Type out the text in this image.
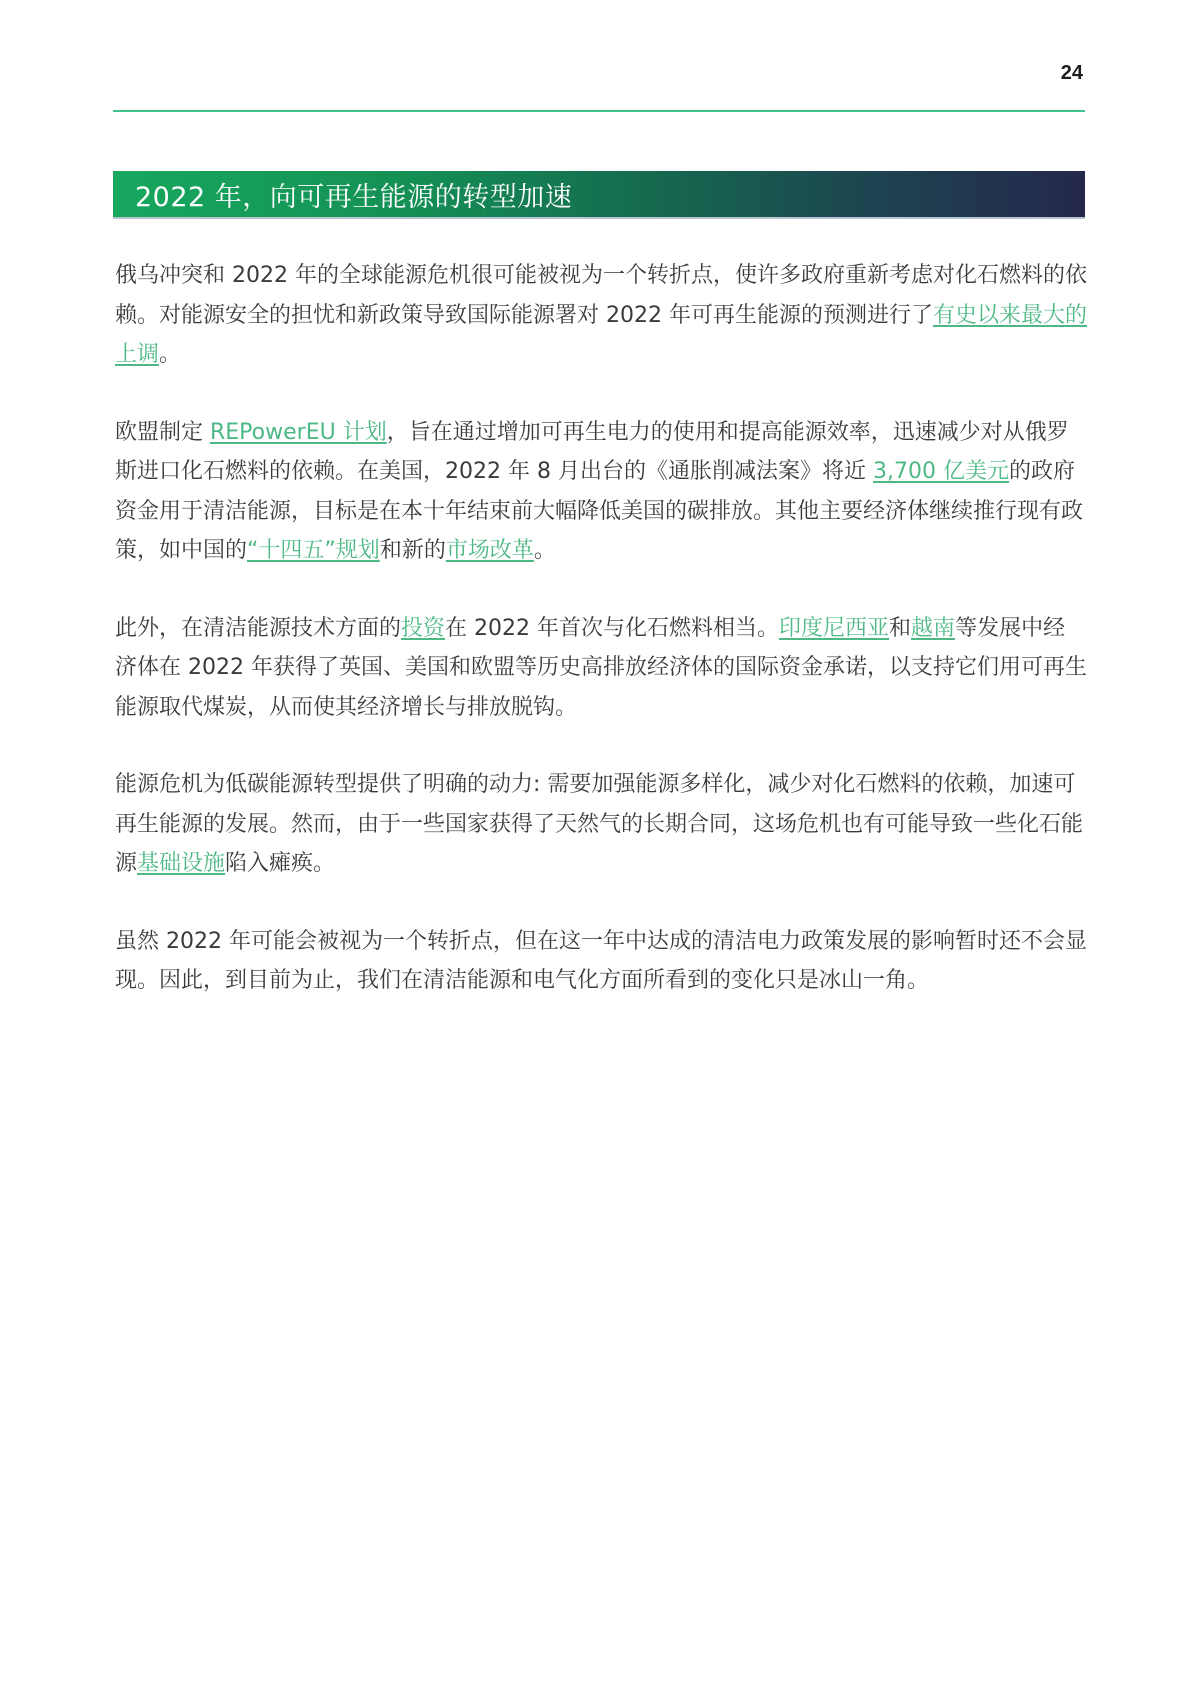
24
2022 年，向可再生能源的转型加速

俄乌冲突和 2022 年的全球能源危机很可能被视为一个转折点，使许多政府重新考虑对化石燃料的依赖。对能源安全的担忧和新政策导致国际能源署对 2022 年可再生能源的预测进行了有史以来最大的上调。

欧盟制定 REPowerEU 计划，旨在通过增加可再生电力的使用和提高能源效率，迅速减少对从俄罗斯进口化石燃料的依赖。在美国，2022 年 8 月出台的《通胀削减法案》将近 3,700 亿美元的政府资金用于清洁能源，目标是在本十年结束前大幅降低美国的碳排放。其他主要经济体继续推行现有政策，如中国的“十四五”规划和新的市场改革。

此外，在清洁能源技术方面的投资在 2022 年首次与化石燃料相当。印度尼西亚和越南等发展中经济体在 2022 年获得了英国、美国和欧盟等历史高排放经济体的国际资金承诺，以支持它们用可再生能源取代煤炭，从而使其经济增长与排放脱钩。

能源危机为低碳能源转型提供了明确的动力: 需要加强能源多样化，减少对化石燃料的依赖，加速可再生能源的发展。然而，由于一些国家获得了天然气的长期合同，这场危机也有可能导致一些化石能源基础设施陷入瘫痪。

虽然 2022 年可能会被视为一个转折点，但在这一年中达成的清洁电力政策发展的影响暂时还不会显现。因此，到目前为止，我们在清洁能源和电气化方面所看到的变化只是冰山一角。
